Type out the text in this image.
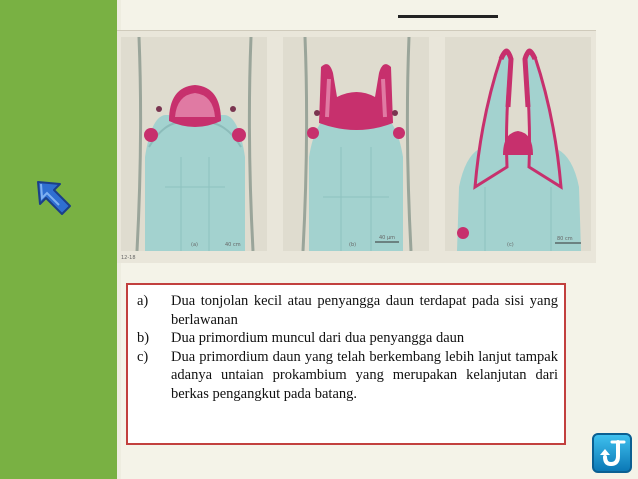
(a)	40 cm	(b)
40 μm
(c)
80 cm
12-18
a)	Dua tonjolan kecil atau penyangga daun terdapat pada sisi yang berlawanan
b)	Dua primordium muncul dari dua penyangga daun
c)	Dua primordium daun yang telah berkembang lebih lanjut tampak adanya untaian prokambium yang merupakan kelanjutan dari berkas pengangkut pada batang.
